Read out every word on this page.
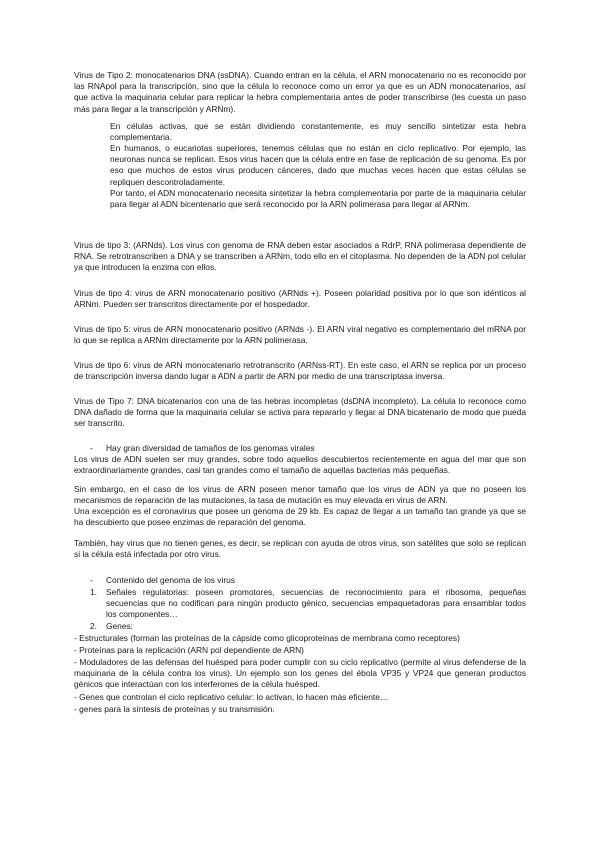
Virus de Tipo 2: monocatenarios DNA (ssDNA). Cuando entran en la célula, el ARN monocatenario no es reconocido por las RNApol para la transcripción, sino que la célula lo reconoce como un error ya que es un ADN monocatenarios, así que activa la maquinaria celular para replicar la hebra complementaria antes de poder transcribirse (les cuesta un paso más para llegar a la transcripción y ARNm).

En células activas, que se están dividiendo constantemente, es muy sencillo sintetizar esta hebra complementaria.

En humanos, o eucariotas superiores, tenemos células que no están en ciclo replicativo. Por ejemplo, las neuronas nunca se replican. Esos virus hacen que la célula entre en fase de replicación de su genoma. Es por eso que muchos de estos virus producen cánceres, dado que muchas veces hacen que estas células se repliquen descontroladamente.

Por tanto, el ADN monocatenario necesita sintetizar la hebra complementaria por parte de la maquinaria celular para llegar al ADN bicentenario que será reconocido por la ARN polimerasa para llegar al ARNm.

Virus de tipo 3: (ARNds). Los virus con genoma de RNA deben estar asociados a RdrP, RNA polimerasa dependiente de RNA. Se retrotranscriben a DNA y se transcriben a ARNm, todo ello en el citoplasma. No dependen de la ADN pol celular ya que introducen la enzima con ellos.

Virus de tipo 4: virus de ARN monocatenario positivo (ARNds +). Poseen polaridad positiva por lo que son idénticos al ARNm. Pueden ser transcritos directamente por el hospedador.

Virus de tipo 5: virus de ARN monocatenario positivo (ARNds -). El ARN viral negativo es complementario del mRNA por lo que se replica a ARNm directamente por la ARN polimerasa.

Virus de tipo 6: virus de ARN monocatenario retrotranscrito (ARNss-RT). En este caso, el ARN se replica por un proceso de transcripción inversa dando lugar a ADN a partir de ARN por medio de una transcriptasa inversa.

Virus de Tipo 7: DNA bicatenarios con una de las hebras incompletas (dsDNA incompleto). La célula lo reconoce como DNA dañado de forma que la maquinaria celular se activa para repararlo y llegar al DNA bicatenario de modo que pueda ser transcrito.

- Hay gran diversidad de tamaños de los genomas virales

Los virus de ADN suelen ser muy grandes, sobre todo aquellos descubiertos recientemente en agua del mar que son extraordinariamente grandes, casi tan grandes como el tamaño de aquellas bacterias más pequeñas.

Sin embargo, en el caso de los virus de ARN poseen menor tamaño que los virus de ADN ya que no poseen los mecanismos de reparación de las mutaciones, la tasa de mutación es muy elevada en virus de ARN.

Una excepción es el coronavirus que posee un genoma de 29 kb. Es capaz de llegar a un tamaño tan grande ya que se ha descubierto que posee enzimas de reparación del genoma.

También, hay virus que no tienen genes, es decir, se replican con ayuda de otros virus, son satélites que solo se replican si la célula está infectada por otro virus.

- Contenido del genoma de los virus

1.	Señales regulatorias: poseen promotores, secuencias de reconocimiento para el ribosoma, pequeñas secuencias que no codifican para ningún producto génico, secuencias empaquetadoras para ensamblar todos los componentes…

2.	Genes:

- Estructurales (forman las proteínas de la cápside como glicoproteínas de membrana como receptores)

- Proteínas para la replicación (ARN pol dependiente de ARN)

- Moduladores de las defensas del huésped para poder cumplir con su ciclo replicativo (permite al virus defenderse de la maquinaria de la célula contra los virus). Un ejemplo son los genes del ébola VP35 y VP24 que generan productos génicos que interactúan con los interferones de la célula huésped.

- Genes que controlan el ciclo replicativo celular: lo activan, lo hacen más eficiente…

- genes para la síntesis de proteínas y su transmisión.
